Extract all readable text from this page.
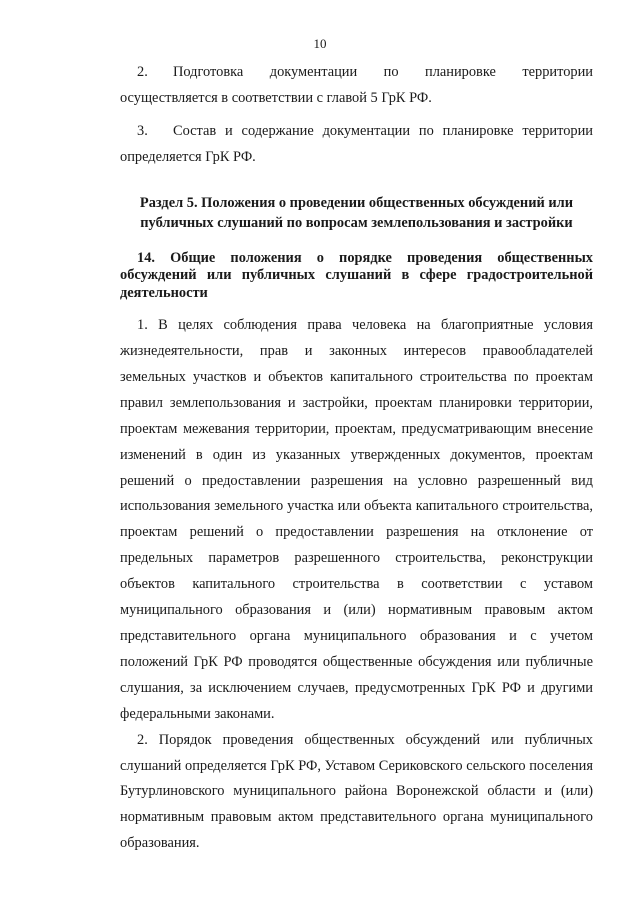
10

2. Подготовка документации по планировке территории осуществляется в соответствии с главой 5 ГрК РФ.

3. Состав и содержание документации по планировке территории определяется ГрК РФ.

Раздел 5. Положения о проведении общественных обсуждений или
публичных слушаний по вопросам землепользования и застройки

14. Общие положения о порядке проведения общественных обсуждений или публичных слушаний в сфере градостроительной деятельности

1. В целях соблюдения права человека на благоприятные условия жизнедеятельности, прав и законных интересов правообладателей земельных участков и объектов капитального строительства по проектам правил землепользования и застройки, проектам планировки территории, проектам межевания территории, проектам, предусматривающим внесение изменений в один из указанных утвержденных документов, проектам решений о предоставлении разрешения на условно разрешенный вид использования земельного участка или объекта капитального строительства, проектам решений о предоставлении разрешения на отклонение от предельных параметров разрешенного строительства, реконструкции объектов капитального строительства в соответствии с уставом муниципального образования и (или) нормативным правовым актом представительного органа муниципального образования и с учетом положений ГрК РФ проводятся общественные обсуждения или публичные слушания, за исключением случаев, предусмотренных ГрК РФ и другими федеральными законами.

2. Порядок проведения общественных обсуждений или публичных слушаний определяется ГрК РФ, Уставом Сериковского сельского поселения Бутурлиновского муниципального района Воронежской области и (или) нормативным правовым актом представительного органа муниципального образования.
